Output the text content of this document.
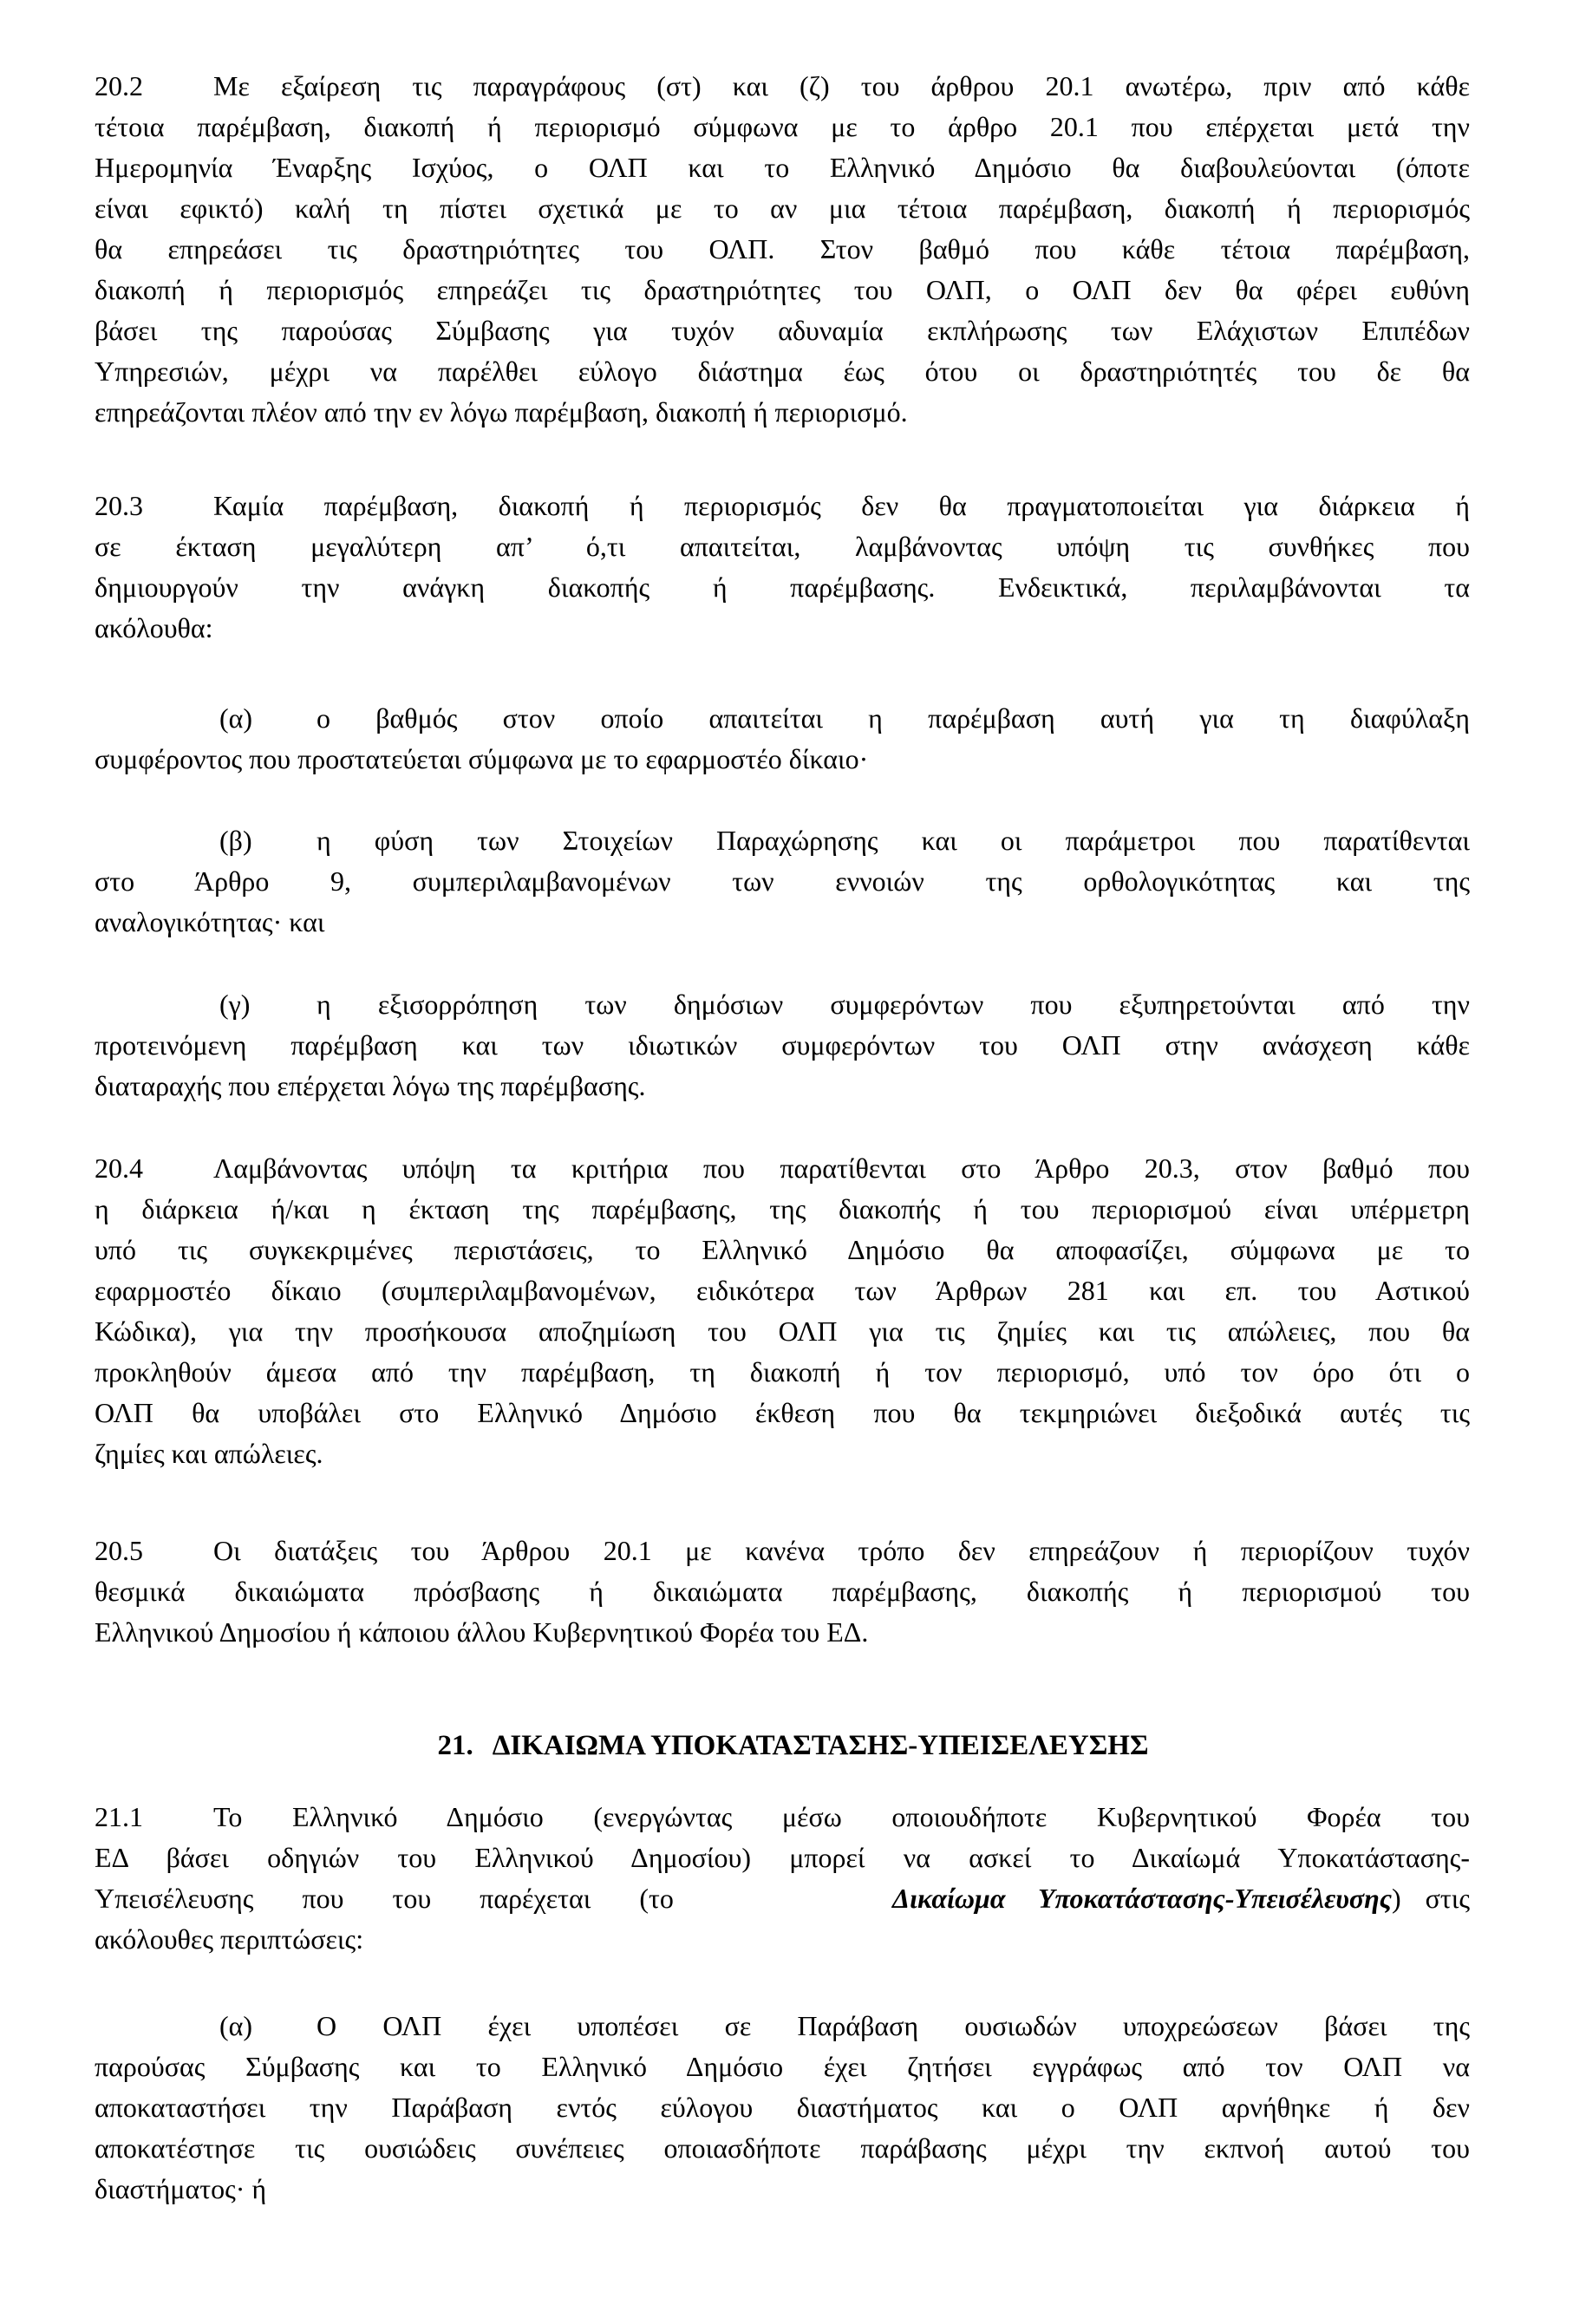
20.2	Με εξαίρεση τις παραγράφους (στ) και (ζ) του άρθρου 20.1 ανωτέρω, πριν από κάθε
τέτοια παρέμβαση, διακοπή ή περιορισμό σύμφωνα με το άρθρο 20.1 που επέρχεται μετά την
Ημερομηνία Έναρξης Ισχύος, ο ΟΛΠ και το Ελληνικό Δημόσιο θα διαβουλεύονται (όποτε
είναι εφικτό) καλή τη πίστει σχετικά με το αν μια τέτοια παρέμβαση, διακοπή ή περιορισμός
θα επηρεάσει τις δραστηριότητες του ΟΛΠ. Στον βαθμό που κάθε τέτοια παρέμβαση,
διακοπή ή περιορισμός επηρεάζει τις δραστηριότητες του ΟΛΠ, ο ΟΛΠ δεν θα φέρει ευθύνη
βάσει της παρούσας Σύμβασης για τυχόν αδυναμία εκπλήρωσης των Ελάχιστων Επιπέδων
Υπηρεσιών, μέχρι να παρέλθει εύλογο διάστημα έως ότου οι δραστηριότητές του δε θα
επηρεάζονται πλέον από την εν λόγω παρέμβαση, διακοπή ή περιορισμό.
20.3	Καμία παρέμβαση, διακοπή ή περιορισμός δεν θα πραγματοποιείται για διάρκεια ή
σε έκταση μεγαλύτερη απ’ ό,τι απαιτείται, λαμβάνοντας υπόψη τις συνθήκες που
δημιουργούν την ανάγκη διακοπής ή παρέμβασης. Ενδεικτικά, περιλαμβάνονται τα
ακόλουθα:
(α) ο βαθμός στον οποίο απαιτείται η παρέμβαση αυτή για τη διαφύλαξη
συμφέροντος που προστατεύεται σύμφωνα με το εφαρμοστέο δίκαιο·
(β) η φύση των Στοιχείων Παραχώρησης και οι παράμετροι που παρατίθενται
στο Άρθρο 9, συμπεριλαμβανομένων των εννοιών της ορθολογικότητας και της
αναλογικότητας· και
(γ) η εξισορρόπηση των δημόσιων συμφερόντων που εξυπηρετούνται από την
προτεινόμενη παρέμβαση και των ιδιωτικών συμφερόντων του ΟΛΠ στην ανάσχεση κάθε
διαταραχής που επέρχεται λόγω της παρέμβασης.
20.4	Λαμβάνοντας υπόψη τα κριτήρια που παρατίθενται στο Άρθρο 20.3, στον βαθμό που
η διάρκεια ή/και η έκταση της παρέμβασης, της διακοπής ή του περιορισμού είναι υπέρμετρη
υπό τις συγκεκριμένες περιστάσεις, το Ελληνικό Δημόσιο θα αποφασίζει, σύμφωνα με το
εφαρμοστέο δίκαιο (συμπεριλαμβανομένων, ειδικότερα των Άρθρων 281 και επ. του Αστικού
Κώδικα), για την προσήκουσα αποζημίωση του ΟΛΠ για τις ζημίες και τις απώλειες, που θα
προκληθούν άμεσα από την παρέμβαση, τη διακοπή ή τον περιορισμό, υπό τον όρο ότι ο
ΟΛΠ θα υποβάλει στο Ελληνικό Δημόσιο έκθεση που θα τεκμηριώνει διεξοδικά αυτές τις
ζημίες και απώλειες.
20.5	Οι διατάξεις του Άρθρου 20.1 με κανένα τρόπο δεν επηρεάζουν ή περιορίζουν τυχόν
θεσμικά δικαιώματα πρόσβασης ή δικαιώματα παρέμβασης, διακοπής ή περιορισμού του
Ελληνικού Δημοσίου ή κάποιου άλλου Κυβερνητικού Φορέα του ΕΔ.
21. ΔΙΚΑΙΩΜΑ ΥΠΟΚΑΤΑΣΤΑΣΗΣ-ΥΠΕΙΣΕΛΕΥΣΗΣ
21.1	Το Ελληνικό Δημόσιο (ενεργώντας μέσω οποιουδήποτε Κυβερνητικού Φορέα του
ΕΔ βάσει οδηγιών του Ελληνικού Δημοσίου) μπορεί να ασκεί το Δικαίωμά Υποκατάστασης-
Υπεισέλευσης που του παρέχεται (το	Δικαίωμα Υποκατάστασης-Υπεισέλευσης) στις
ακόλουθες περιπτώσεις:
(α) Ο ΟΛΠ έχει υποπέσει σε Παράβαση ουσιωδών υποχρεώσεων βάσει της
παρούσας Σύμβασης και το Ελληνικό Δημόσιο έχει ζητήσει εγγράφως από τον ΟΛΠ να
αποκαταστήσει την Παράβαση εντός εύλογου διαστήματος και ο ΟΛΠ αρνήθηκε ή δεν
αποκατέστησε τις ουσιώδεις συνέπειες οποιασδήποτε παράβασης μέχρι την εκπνοή αυτού του
διαστήματος· ή
